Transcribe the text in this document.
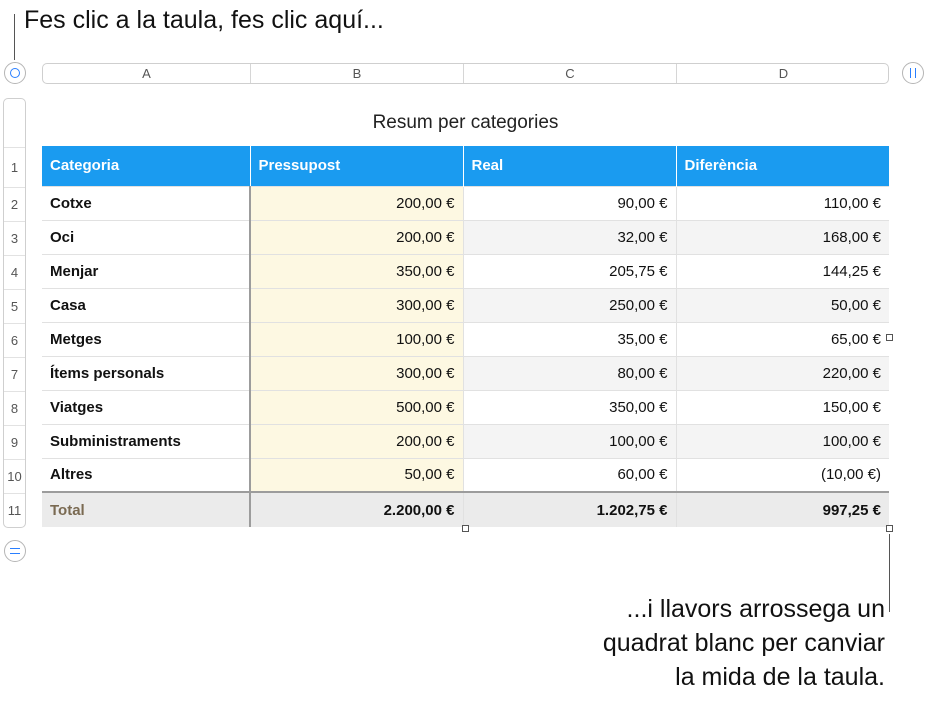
Fes clic a la taula, fes clic aquí...
...i llavors arrossega un
quadrat blanc per canviar
la mida de la taula.
A	B	C	D
1
2
3
4
5
6
7
8
9
10
11
Resum per categories
Categoria	Pressupost	Real	Diferència
Cotxe	200,00 €	90,00 €	110,00 €
Oci	200,00 €	32,00 €	168,00 €
Menjar	350,00 €	205,75 €	144,25 €
Casa	300,00 €	250,00 €	50,00 €
Metges	100,00 €	35,00 €	65,00 €
Ítems personals	300,00 €	80,00 €	220,00 €
Viatges	500,00 €	350,00 €	150,00 €
Subministraments	200,00 €	100,00 €	100,00 €
Altres	50,00 €	60,00 €	(10,00 €)
Total	2.200,00 €	1.202,75 €	997,25 €
